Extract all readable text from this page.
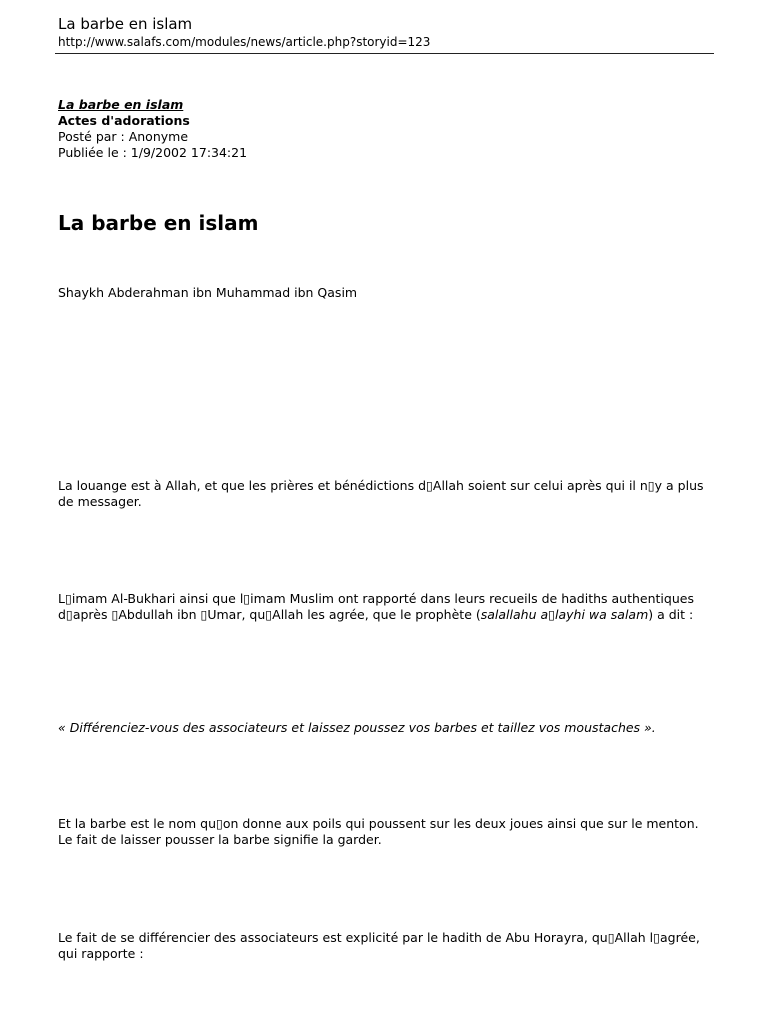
La barbe en islam

http://www.salafs.com/modules/news/article.php?storyid=123

La barbe en islam
Actes d'adorations
Posté par : Anonyme
Publiée le : 1/9/2002 17:34:21
La barbe en islam

Shaykh Abderahman ibn Muhammad ibn Qasim

La louange est à Allah, et que les prières et bénédictions d▯Allah soient sur celui après qui il n▯y a plus de messager.

L▯imam Al-Bukhari ainsi que l▯imam Muslim ont rapporté dans leurs recueils de hadiths authentiques d▯après ▯Abdullah ibn ▯Umar, qu▯Allah les agrée, que le prophète (salallahu a▯layhi wa salam) a dit :

« Différenciez-vous des associateurs et laissez poussez vos barbes et taillez vos moustaches ».

Et la barbe est le nom qu▯on donne aux poils qui poussent sur les deux joues ainsi que sur le menton. Le fait de laisser pousser la barbe signifie la garder.

Le fait de se différencier des associateurs est explicité par le hadith de Abu Horayra, qu▯Allah l▯agrée, qui rapporte :
